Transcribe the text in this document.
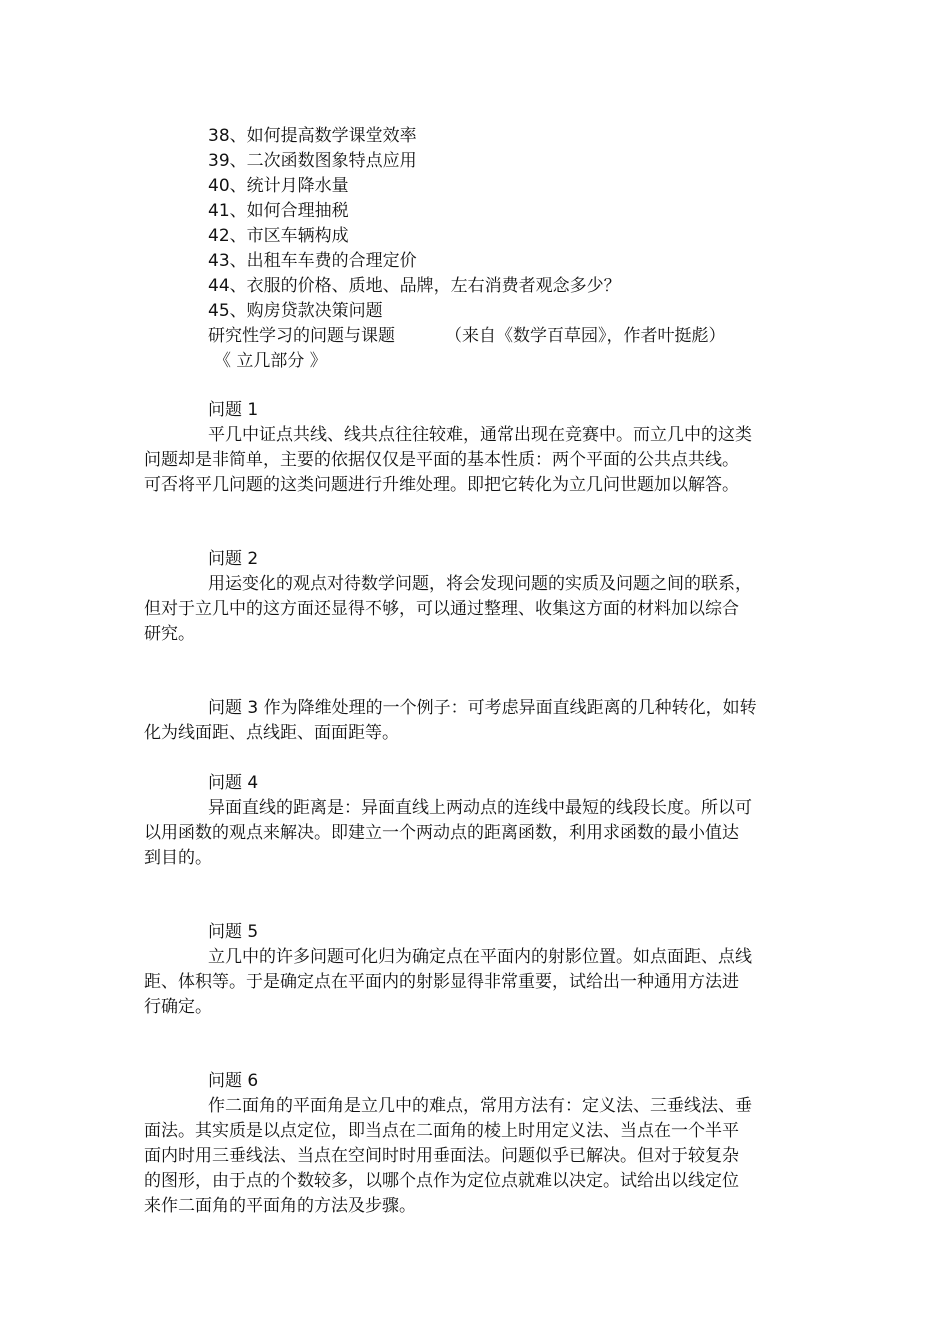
38、如何提高数学课堂效率
39、二次函数图象特点应用
40、统计月降水量
41、如何合理抽税
42、市区车辆构成
43、出租车车费的合理定价
44、衣服的价格、质地、品牌，左右消费者观念多少？
45、购房贷款决策问题
研究性学习的问题与课题	（来自《数学百草园》，作者叶挺彪）
《 立几部分 》
问题 1
平几中证点共线、线共点往往较难，通常出现在竞赛中。而立几中的这类
问题却是非简单，主要的依据仅仅是平面的基本性质：两个平面的公共点共线。
可否将平几问题的这类问题进行升维处理。即把它转化为立几问世题加以解答。
问题 2
用运变化的观点对待数学问题，将会发现问题的实质及问题之间的联系，
但对于立几中的这方面还显得不够，可以通过整理、收集这方面的材料加以综合
研究。
问题 3 作为降维处理的一个例子：可考虑异面直线距离的几种转化，如转
化为线面距、点线距、面面距等。
问题 4
异面直线的距离是：异面直线上两动点的连线中最短的线段长度。所以可
以用函数的观点来解决。即建立一个两动点的距离函数，利用求函数的最小值达
到目的。
问题 5
立几中的许多问题可化归为确定点在平面内的射影位置。如点面距、点线
距、体积等。于是确定点在平面内的射影显得非常重要，试给出一种通用方法进
行确定。
问题 6
作二面角的平面角是立几中的难点，常用方法有：定义法、三垂线法、垂
面法。其实质是以点定位，即当点在二面角的棱上时用定义法、当点在一个半平
面内时用三垂线法、当点在空间时时用垂面法。问题似乎已解决。但对于较复杂
的图形，由于点的个数较多，以哪个点作为定位点就难以决定。试给出以线定位
来作二面角的平面角的方法及步骤。
